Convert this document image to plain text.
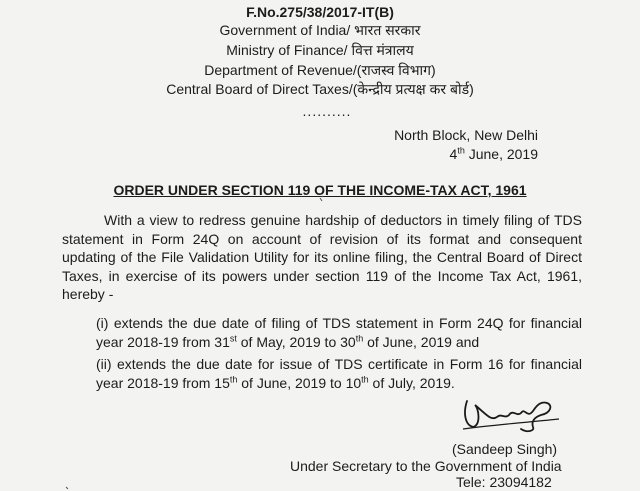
F.No.275/38/2017-IT(B)
Government of India/ भारत सरकार
Ministry of Finance/ वित्त मंत्रालय
Department of Revenue/(राजस्व विभाग)
Central Board of Direct Taxes/(केन्द्रीय प्रत्यक्ष कर बोर्ड)
..........
North Block, New Delhi
4th June, 2019
ORDER UNDER SECTION 119 OF THE INCOME-TAX ACT, 1961

With a view to redress genuine hardship of deductors in timely filing of TDS statement in Form 24Q on account of revision of its format and consequent updating of the File Validation Utility for its online filing, the Central Board of Direct Taxes, in exercise of its powers under section 119 of the Income Tax Act, 1961, hereby -

(i) extends the due date of filing of TDS statement in Form 24Q for financial year 2018-19 from 31st of May, 2019 to 30th of June, 2019 and

(ii) extends the due date for issue of TDS certificate in Form 16 for financial year 2018-19 from 15th of June, 2019 to 10th of July, 2019.

(Sandeep Singh)
Under Secretary to the Government of India
Tele: 23094182
